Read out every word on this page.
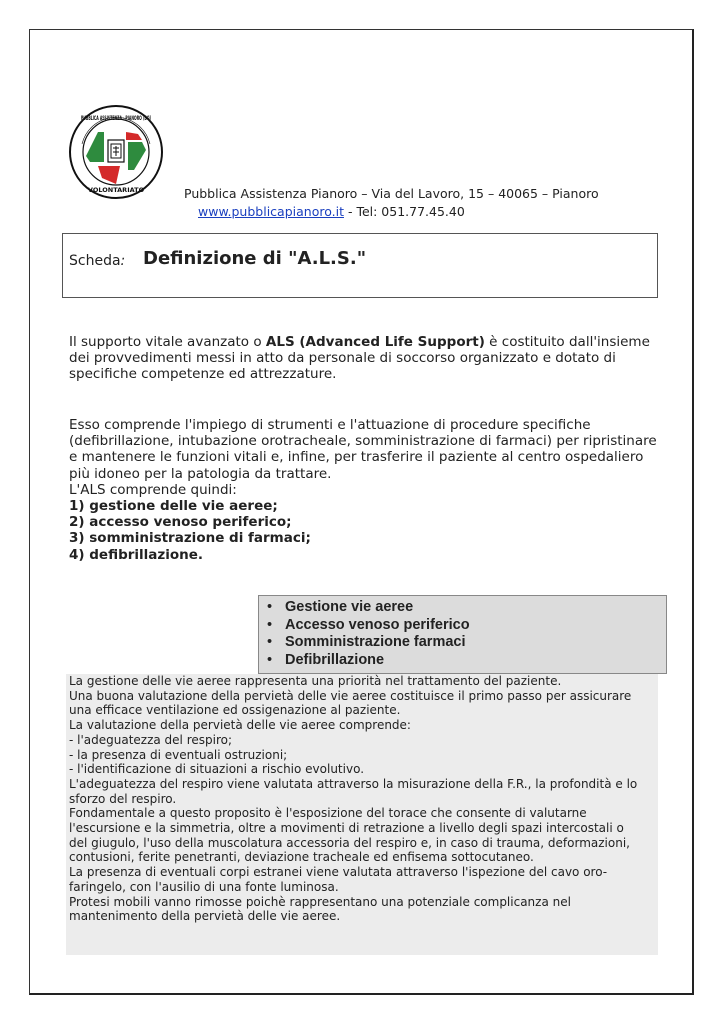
PUBBLICA ASSISTENZA - PIANORO (BO)
VOLONTARIATO	Pubblica Assistenza Pianoro – Via del Lavoro, 15 – 40065 – Pianoro
www.pubblicapianoro.it - Tel: 051.77.45.40
Scheda: Definizione di "A.L.S."
Il supporto vitale avanzato o ALS (Advanced Life Support) è costituito dall'insieme dei provvedimenti messi in atto da personale di soccorso organizzato e dotato di specifiche competenze ed attrezzature.
Esso comprende l'impiego di strumenti e l'attuazione di procedure specifiche (defibrillazione, intubazione orotracheale, somministrazione di farmaci) per ripristinare e mantenere le funzioni vitali e, infine, per trasferire il paziente al centro ospedaliero più idoneo per la patologia da trattare.
L'ALS comprende quindi:
1) gestione delle vie aeree;
2) accesso venoso periferico;
3) somministrazione di farmaci;
4) defibrillazione.
• Gestione vie aeree
• Accesso venoso periferico
• Somministrazione farmaci
• Defibrillazione
La gestione delle vie aeree rappresenta una priorità nel trattamento del paziente.
Una buona valutazione della pervietà delle vie aeree costituisce il primo passo per assicurare
una efficace ventilazione ed ossigenazione al paziente.
La valutazione della pervietà delle vie aeree comprende:
- l'adeguatezza del respiro;
- la presenza di eventuali ostruzioni;
- l'identificazione di situazioni a rischio evolutivo.
L'adeguatezza del respiro viene valutata attraverso la misurazione della F.R., la profondità e lo
sforzo del respiro.
Fondamentale a questo proposito è l'esposizione del torace che consente di valutarne
l'escursione e la simmetria, oltre a movimenti di retrazione a livello degli spazi intercostali o
del giugulo, l'uso della muscolatura accessoria del respiro e, in caso di trauma, deformazioni,
contusioni, ferite penetranti, deviazione tracheale ed enfisema sottocutaneo.
La presenza di eventuali corpi estranei viene valutata attraverso l'ispezione del cavo oro-
faringelo, con l'ausilio di una fonte luminosa.
Protesi mobili vanno rimosse poichè rappresentano una potenziale complicanza nel
mantenimento della pervietà delle vie aeree.
